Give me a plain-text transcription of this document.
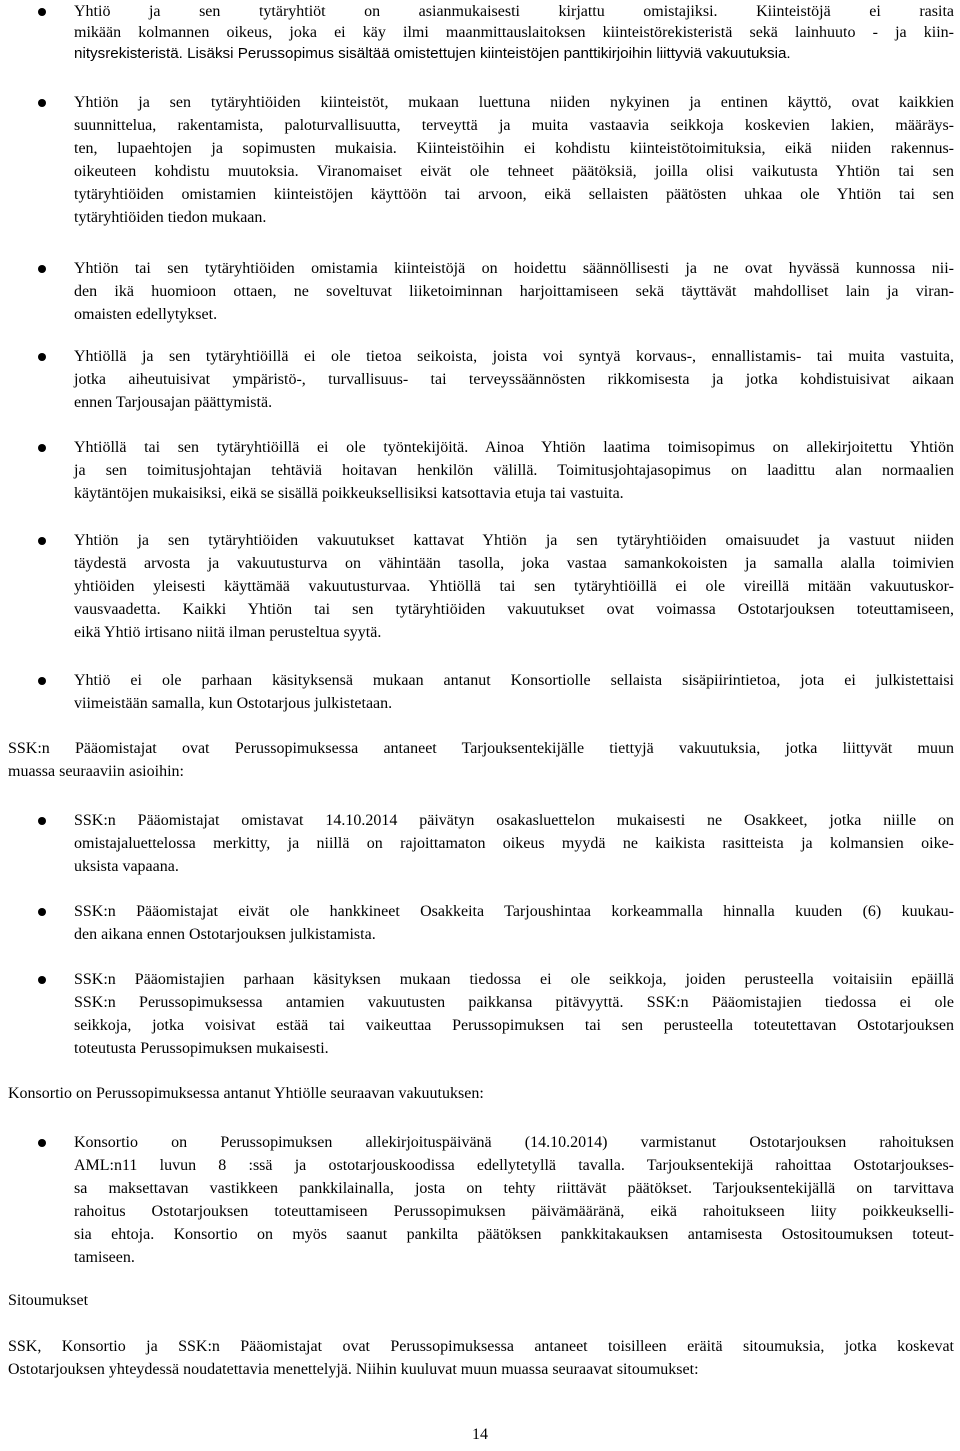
Yhtiö ja sen tytäryhtiöt on asianmukaisesti kirjattu omistajiksi. Kiinteistöjä ei rasita
mikään kolmannen oikeus, joka ei käy ilmi maanmittauslaitoksen kiinteistörekisteristä sekä lainhuuto - ja kiin-
nitysrekisteristä. Lisäksi Perussopimus sisältää omistettujen kiinteistöjen panttikirjoihin liittyviä vakuutuksia.
Yhtiön ja sen tytäryhtiöiden kiinteistöt, mukaan luettuna niiden nykyinen ja entinen käyttö, ovat kaikkien
suunnittelua, rakentamista, paloturvallisuutta, terveyttä ja muita vastaavia seikkoja koskevien lakien, määräys-
ten, lupaehtojen ja sopimusten mukaisia. Kiinteistöihin ei kohdistu kiinteistötoimituksia, eikä niiden rakennus-
oikeuteen kohdistu muutoksia. Viranomaiset eivät ole tehneet päätöksiä, joilla olisi vaikutusta Yhtiön tai sen
tytäryhtiöiden omistamien kiinteistöjen käyttöön tai arvoon, eikä sellaisten päätösten uhkaa ole Yhtiön tai sen
tytäryhtiöiden tiedon mukaan.
Yhtiön tai sen tytäryhtiöiden omistamia kiinteistöjä on hoidettu säännöllisesti ja ne ovat hyvässä kunnossa nii-
den ikä huomioon ottaen, ne soveltuvat liiketoiminnan harjoittamiseen sekä täyttävät mahdolliset lain ja viran-
omaisten edellytykset.
Yhtiöllä ja sen tytäryhtiöillä ei ole tietoa seikoista, joista voi syntyä korvaus-, ennallistamis- tai muita vastuita,
jotka aiheutuisivat ympäristö-, turvallisuus- tai terveyssäännösten rikkomisesta ja jotka kohdistuisivat aikaan
ennen Tarjousajan päättymistä.
Yhtiöllä tai sen tytäryhtiöillä ei ole työntekijöitä. Ainoa Yhtiön laatima toimisopimus on allekirjoitettu Yhtiön
ja sen toimitusjohtajan tehtäviä hoitavan henkilön välillä. Toimitusjohtajasopimus on laadittu alan normaalien
käytäntöjen mukaisiksi, eikä se sisällä poikkeuksellisiksi katsottavia etuja tai vastuita.
Yhtiön ja sen tytäryhtiöiden vakuutukset kattavat Yhtiön ja sen tytäryhtiöiden omaisuudet ja vastuut niiden
täydestä arvosta ja vakuutusturva on vähintään tasolla, joka vastaa samankokoisten ja samalla alalla toimivien
yhtiöiden yleisesti käyttämää vakuutusturvaa. Yhtiöllä tai sen tytäryhtiöillä ei ole vireillä mitään vakuutuskor-
vausvaadetta. Kaikki Yhtiön tai sen tytäryhtiöiden vakuutukset ovat voimassa Ostotarjouksen toteuttamiseen,
eikä Yhtiö irtisano niitä ilman perusteltua syytä.
Yhtiö ei ole parhaan käsityksensä mukaan antanut Konsortiolle sellaista sisäpiirintietoa, jota ei julkistettaisi
viimeistään samalla, kun Ostotarjous julkistetaan.
SSK:n Pääomistajat ovat Perussopimuksessa antaneet Tarjouksentekijälle tiettyjä vakuutuksia, jotka liittyvät muun
muassa seuraaviin asioihin:
SSK:n Pääomistajat omistavat 14.10.2014 päivätyn osakasluettelon mukaisesti ne Osakkeet, jotka niille on
omistajaluettelossa merkitty, ja niillä on rajoittamaton oikeus myydä ne kaikista rasitteista ja kolmansien oike-
uksista vapaana.
SSK:n Pääomistajat eivät ole hankkineet Osakkeita Tarjoushintaa korkeammalla hinnalla kuuden (6) kuukau-
den aikana ennen Ostotarjouksen julkistamista.
SSK:n Pääomistajien parhaan käsityksen mukaan tiedossa ei ole seikkoja, joiden perusteella voitaisiin epäillä
SSK:n Perussopimuksessa antamien vakuutusten paikkansa pitävyyttä. SSK:n Pääomistajien tiedossa ei ole
seikkoja, jotka voisivat estää tai vaikeuttaa Perussopimuksen tai sen perusteella toteutettavan Ostotarjouksen
toteutusta Perussopimuksen mukaisesti.
Konsortio on Perussopimuksessa antanut Yhtiölle seuraavan vakuutuksen:
Konsortio on Perussopimuksen allekirjoituspäivänä (14.10.2014) varmistanut Ostotarjouksen rahoituksen
AML:n11 luvun 8 :ssä ja ostotarjouskoodissa edellytetyllä tavalla. Tarjouksentekijä rahoittaa Ostotarjoukses-
sa maksettavan vastikkeen pankkilainalla, josta on tehty riittävät päätökset. Tarjouksentekijällä on tarvittava
rahoitus Ostotarjouksen toteuttamiseen Perussopimuksen päivämääränä, eikä rahoitukseen liity poikkeukselli-
sia ehtoja. Konsortio on myös saanut pankilta päätöksen pankkitakauksen antamisesta Ostositoumuksen toteut-
tamiseen.
Sitoumukset
SSK, Konsortio ja SSK:n Pääomistajat ovat Perussopimuksessa antaneet toisilleen eräitä sitoumuksia, jotka koskevat
Ostotarjouksen yhteydessä noudatettavia menettelyjä. Niihin kuuluvat muun muassa seuraavat sitoumukset:
14
